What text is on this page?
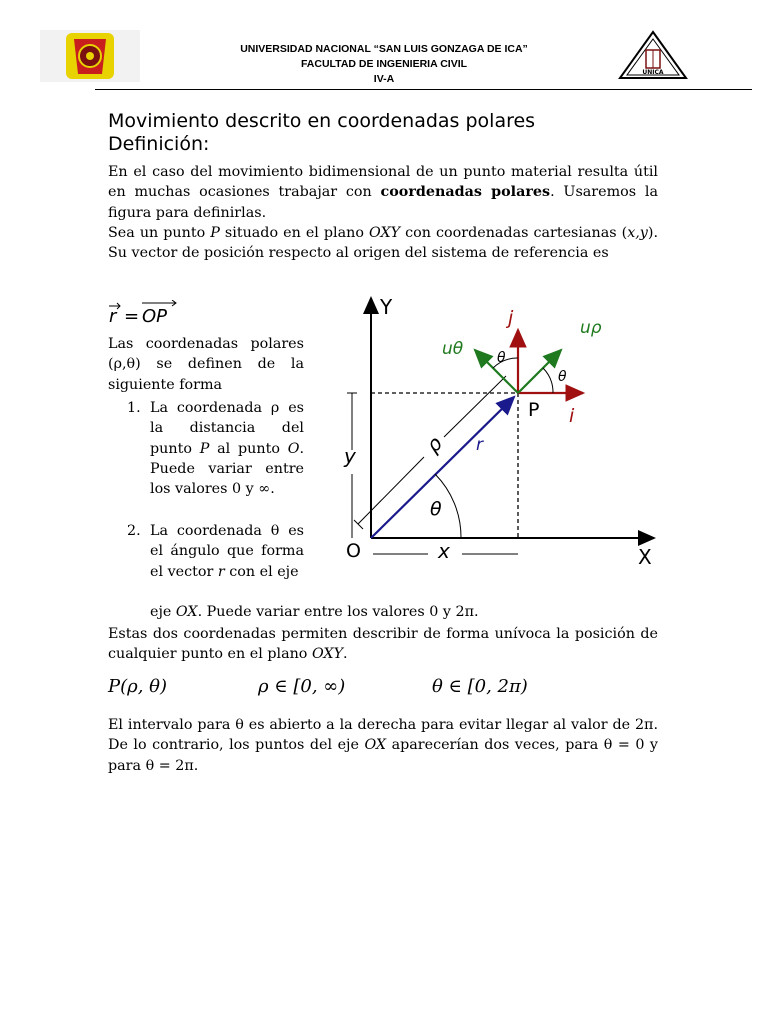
UNIVERSIDAD NACIONAL “SAN LUIS GONZAGA DE ICA”
FACULTAD DE INGENIERIA CIVIL
IV-A
UNICA
Movimiento descrito en coordenadas polares
Definición:
En el caso del movimiento bidimensional de un punto material resulta útil en muchas ocasiones trabajar con coordenadas polares. Usaremos la figura para definirlas.
Sea un punto P situado en el plano OXY con coordenadas cartesianas (x,y). Su vector de posición respecto al origen del sistema de referencia es
r = OP
Las coordenadas polares (ρ,θ) se definen de la siguiente forma
1. La coordenada ρ es la distancia del punto P al punto O. Puede variar entre los valores 0 y ∞.
2. La coordenada θ es el ángulo que forma el vector r con el eje
eje OX. Puede variar entre los valores 0 y 2π.
Y
X
O
y
x
ρ r
θ
P i
j	uρ
uθ θ
θ
Estas dos coordenadas permiten describir de forma unívoca la posición de cualquier punto en el plano OXY.
P(ρ, θ)	ρ ∈ [0, ∞)	θ ∈ [0, 2π)
El intervalo para θ es abierto a la derecha para evitar llegar al valor de 2π. De lo contrario, los puntos del eje OX aparecerían dos veces, para θ = 0 y para θ = 2π.
